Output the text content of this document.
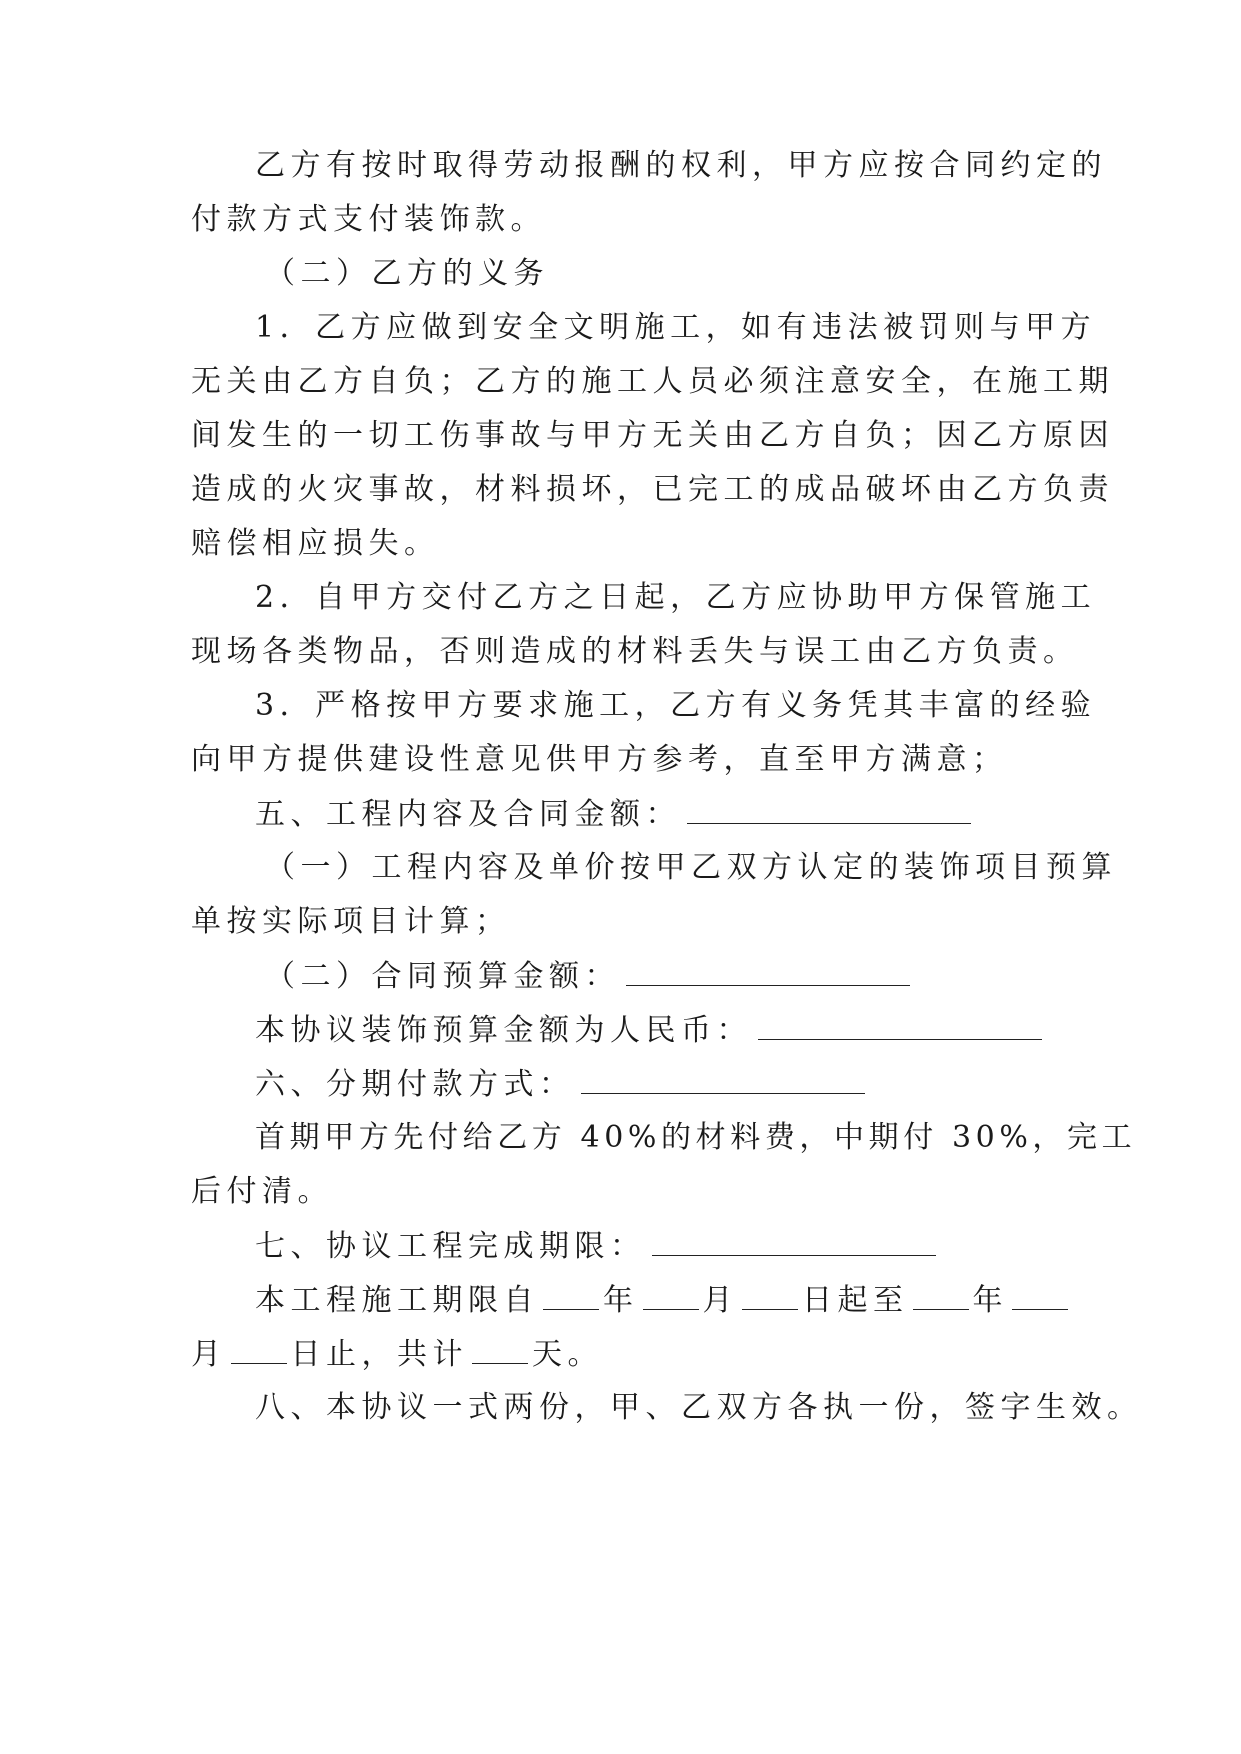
乙方有按时取得劳动报酬的权利，甲方应按合同约定的
付款方式支付装饰款。
（二）乙方的义务
1．乙方应做到安全文明施工，如有违法被罚则与甲方
无关由乙方自负；乙方的施工人员必须注意安全，在施工期
间发生的一切工伤事故与甲方无关由乙方自负；因乙方原因
造成的火灾事故，材料损坏，已完工的成品破坏由乙方负责
赔偿相应损失。
2．自甲方交付乙方之日起，乙方应协助甲方保管施工
现场各类物品，否则造成的材料丢失与误工由乙方负责。
3．严格按甲方要求施工，乙方有义务凭其丰富的经验
向甲方提供建设性意见供甲方参考，直至甲方满意；
五、工程内容及合同金额：
（一）工程内容及单价按甲乙双方认定的装饰项目预算
单按实际项目计算；
（二）合同预算金额：
本协议装饰预算金额为人民币：
六、分期付款方式：
首期甲方先付给乙方 40%的材料费，中期付 30%，完工
后付清。
七、协议工程完成期限：
本工程施工期限自 年 月 日起至 年
月 日止，共计 天。
八、本协议一式两份，甲、乙双方各执一份，签字生效。
